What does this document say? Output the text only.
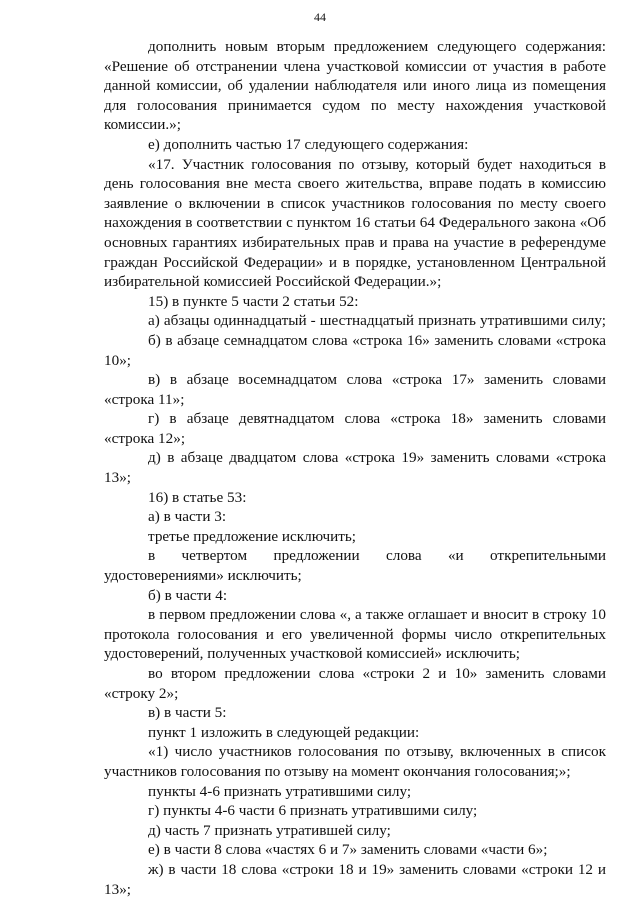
44

дополнить новым вторым предложением следующего содержания: «Решение об отстранении члена участковой комиссии от участия в работе данной комиссии, об удалении наблюдателя или иного лица из помещения для голосования принимается судом по месту нахождения участковой комиссии.»;

е) дополнить частью 17 следующего содержания:

«17. Участник голосования по отзыву, который будет находиться в день голосования вне места своего жительства, вправе подать в комиссию заявление о включении в список участников голосования по месту своего нахождения в соответствии с пунктом 16 статьи 64 Федерального закона «Об основных гарантиях избирательных прав и права на участие в референдуме граждан Российской Федерации» и в порядке, установленном Центральной избирательной комиссией Российской Федерации.»;

15) в пункте 5 части 2 статьи 52:

а) абзацы одиннадцатый - шестнадцатый признать утратившими силу;

б) в абзаце семнадцатом слова «строка 16» заменить словами «строка 10»;

в) в абзаце восемнадцатом слова «строка 17» заменить словами «строка 11»;

г) в абзаце девятнадцатом слова «строка 18» заменить словами «строка 12»;

д) в абзаце двадцатом слова «строка 19» заменить словами «строка 13»;

16) в статье 53:

а) в части 3:

третье предложение исключить;

в четвертом предложении слова «и открепительными удостоверениями» исключить;

б) в части 4:

в первом предложении слова «, а также оглашает и вносит в строку 10 протокола голосования и его увеличенной формы число открепительных удостоверений, полученных участковой комиссией» исключить;

во втором предложении слова «строки 2 и 10» заменить словами «строку 2»;

в) в части 5:

пункт 1 изложить в следующей редакции:

«1) число участников голосования по отзыву, включенных в список участников голосования по отзыву на момент окончания голосования;»;

пункты 4-6 признать утратившими силу;

г) пункты 4-6 части 6 признать утратившими силу;

д) часть 7 признать утратившей силу;

е) в части 8 слова «частях 6 и 7» заменить словами «части 6»;

ж) в части 18 слова «строки 18 и 19» заменить словами «строки 12 и 13»;
